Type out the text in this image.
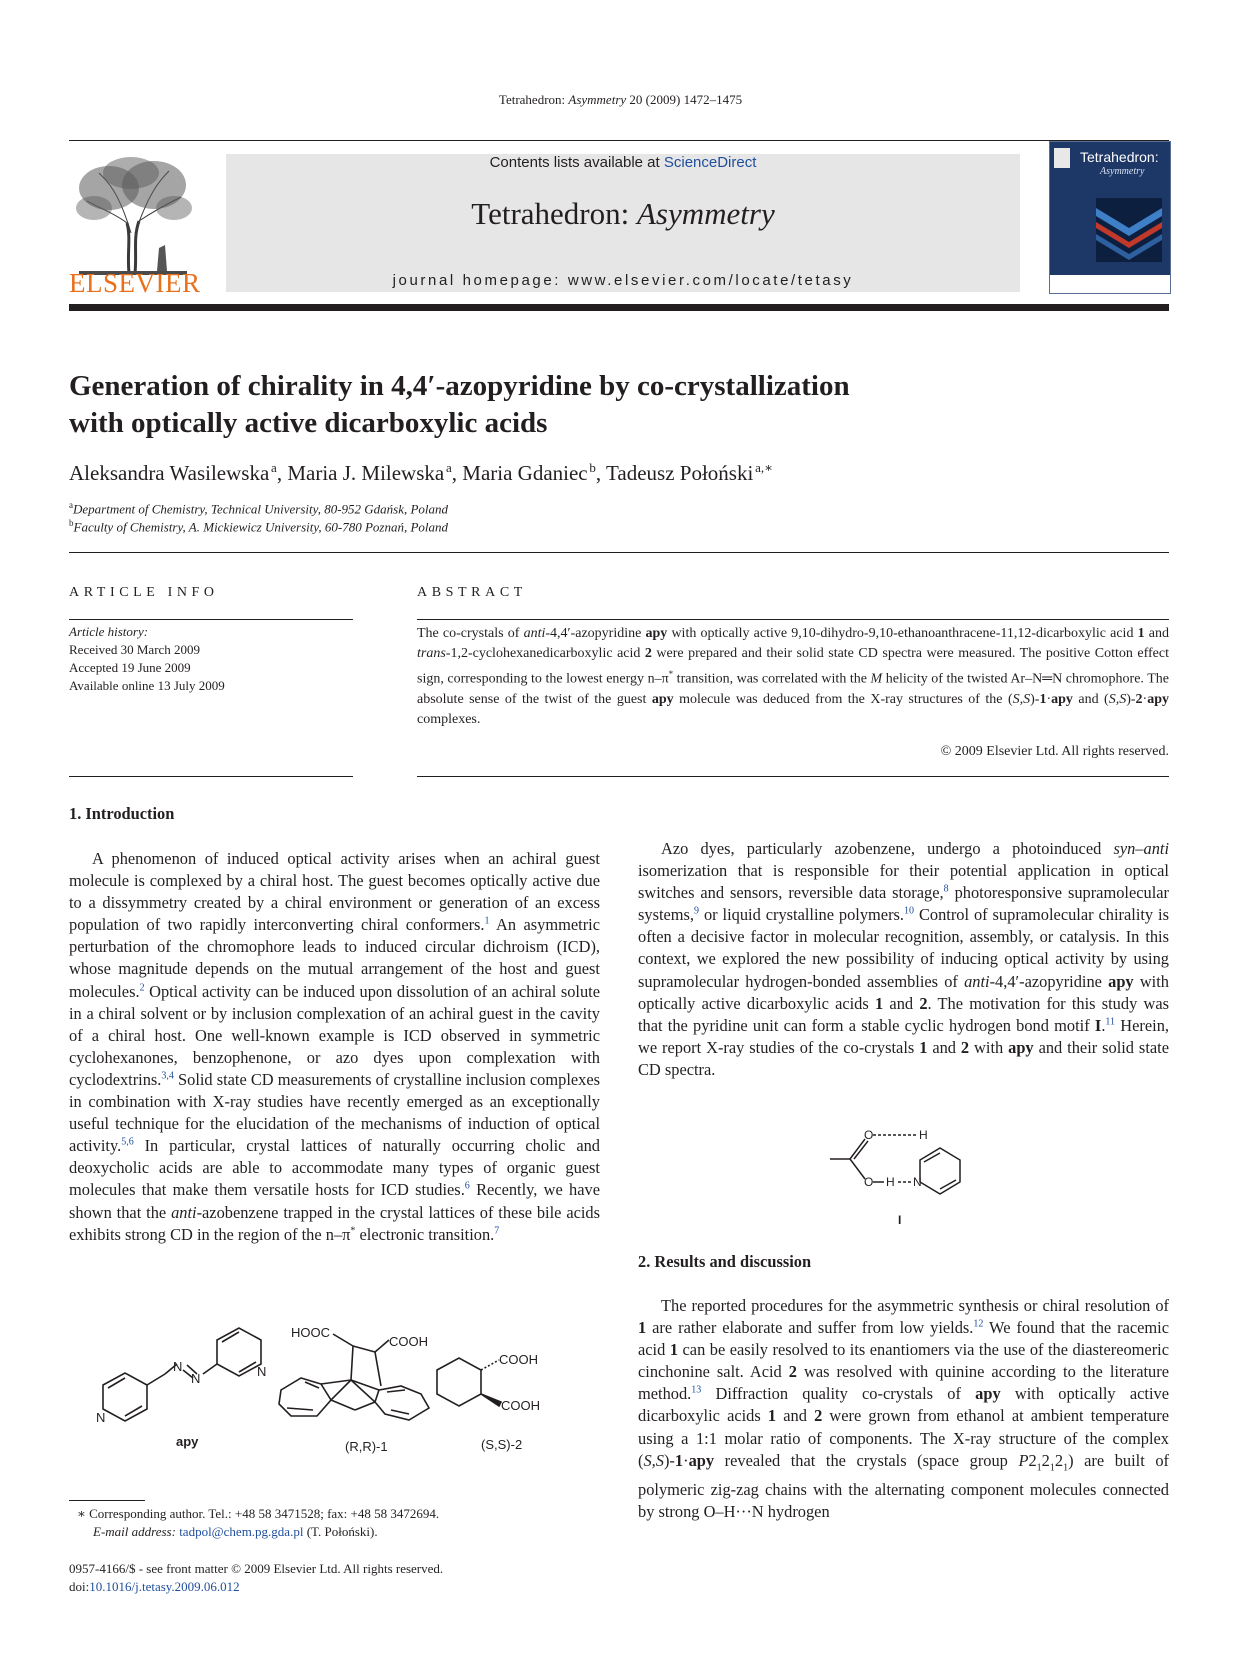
Tetrahedron: Asymmetry 20 (2009) 1472–1475
ELSEVIER
Contents lists available at ScienceDirect
Tetrahedron: Asymmetry
journal homepage: www.elsevier.com/locate/tetasy
Tetrahedron:
Asymmetry
Generation of chirality in 4,4′-azopyridine by co-crystallization
with optically active dicarboxylic acids
Aleksandra Wasilewska  $^a$, Maria J. Milewska  $^a$, Maria Gdaniec  $^b$, Tadeusz Połoński  $^{a,∗}$
$^a$Department of Chemistry, Technical University, 80-952 Gdańsk, Poland
$^b$Faculty of Chemistry, A. Mickiewicz University, 60-780 Poznań, Poland
ARTICLE INFO
Article history:
Received 30 March 2009
Accepted 19 June 2009
Available online 13 July 2009
ABSTRACT
The co-crystals of anti-4,4′-azopyridine apy with optically active 9,10-dihydro-9,10-ethanoanthracene-11,12-dicarboxylic acid 1 and trans-1,2-cyclohexanedicarboxylic acid 2 were prepared and their solid state CD spectra were measured. The positive Cotton effect sign, corresponding to the lowest energy n–π* transition, was correlated with the M helicity of the twisted Ar–N═N chromophore. The absolute sense of the twist of the guest apy molecule was deduced from the X-ray structures of the (S,S)-1·apy and (S,S)-2·apy complexes.
© 2009 Elsevier Ltd. All rights reserved.
1. Introduction

A phenomenon of induced optical activity arises when an achiral guest molecule is complexed by a chiral host. The guest becomes optically active due to a dissymmetry created by a chiral environment or generation of an excess population of two rapidly interconverting chiral conformers.$^1$ An asymmetric perturbation of the chromophore leads to induced circular dichroism (ICD), whose magnitude depends on the mutual arrangement of the host and guest molecules.$^2$ Optical activity can be induced upon dissolution of an achiral solute in a chiral solvent or by inclusion complexation of an achiral guest in the cavity of a chiral host. One well-known example is ICD observed in symmetric cyclohexanones, benzophenone, or azo dyes upon complexation with cyclodextrins.$^{3,4}$ Solid state CD measurements of crystalline inclusion complexes in combination with X-ray studies have recently emerged as an exceptionally useful technique for the elucidation of the mechanisms of induction of optical activity.$^{5,6}$ In particular, crystal lattices of naturally occurring cholic and deoxycholic acids are able to accommodate many types of organic guest molecules that make them versatile hosts for ICD studies.$^6$ Recently, we have shown that the anti-azobenzene trapped in the crystal lattices of these bile acids exhibits strong CD in the region of the n–π* electronic transition.$^7$

N
N
N	N
HOOC
COOH
COOH
COOH
apy	(R,R)-1	(S,S)-2
∗ Corresponding author. Tel.: +48 58 3471528; fax: +48 58 3472694.
E-mail address: tadpol@chem.pg.gda.pl (T. Połoński).
0957-4166/$ - see front matter © 2009 Elsevier Ltd. All rights reserved.
doi:10.1016/j.tetasy.2009.06.012

Azo dyes, particularly azobenzene, undergo a photoinduced syn–anti isomerization that is responsible for their potential application in optical switches and sensors, reversible data storage,$^8$ photoresponsive supramolecular systems,$^9$ or liquid crystalline polymers.$^{10}$ Control of supramolecular chirality is often a decisive factor in molecular recognition, assembly, or catalysis. In this context, we explored the new possibility of inducing optical activity by using supramolecular hydrogen-bonded assemblies of anti-4,4′-azopyridine apy with optically active dicarboxylic acids 1 and 2. The motivation for this study was that the pyridine unit can form a stable cyclic hydrogen bond motif I.$^{11}$ Herein, we report X-ray studies of the co-crystals 1 and 2 with apy and their solid state CD spectra.

O	H
O H N
I
2. Results and discussion

The reported procedures for the asymmetric synthesis or chiral resolution of 1 are rather elaborate and suffer from low yields.$^{12}$ We found that the racemic acid 1 can be easily resolved to its enantiomers via the use of the diastereomeric cinchonine salt. Acid 2 was resolved with quinine according to the literature method.$^{13}$ Diffraction quality co-crystals of apy with optically active dicarboxylic acids 1 and 2 were grown from ethanol at ambient temperature using a 1:1 molar ratio of components. The X-ray structure of the complex (S,S)-1·apy revealed that the crystals (space group $P2_12_12_1$) are built of polymeric zig-zag chains with the alternating component molecules connected by strong O–H···N hydrogen
